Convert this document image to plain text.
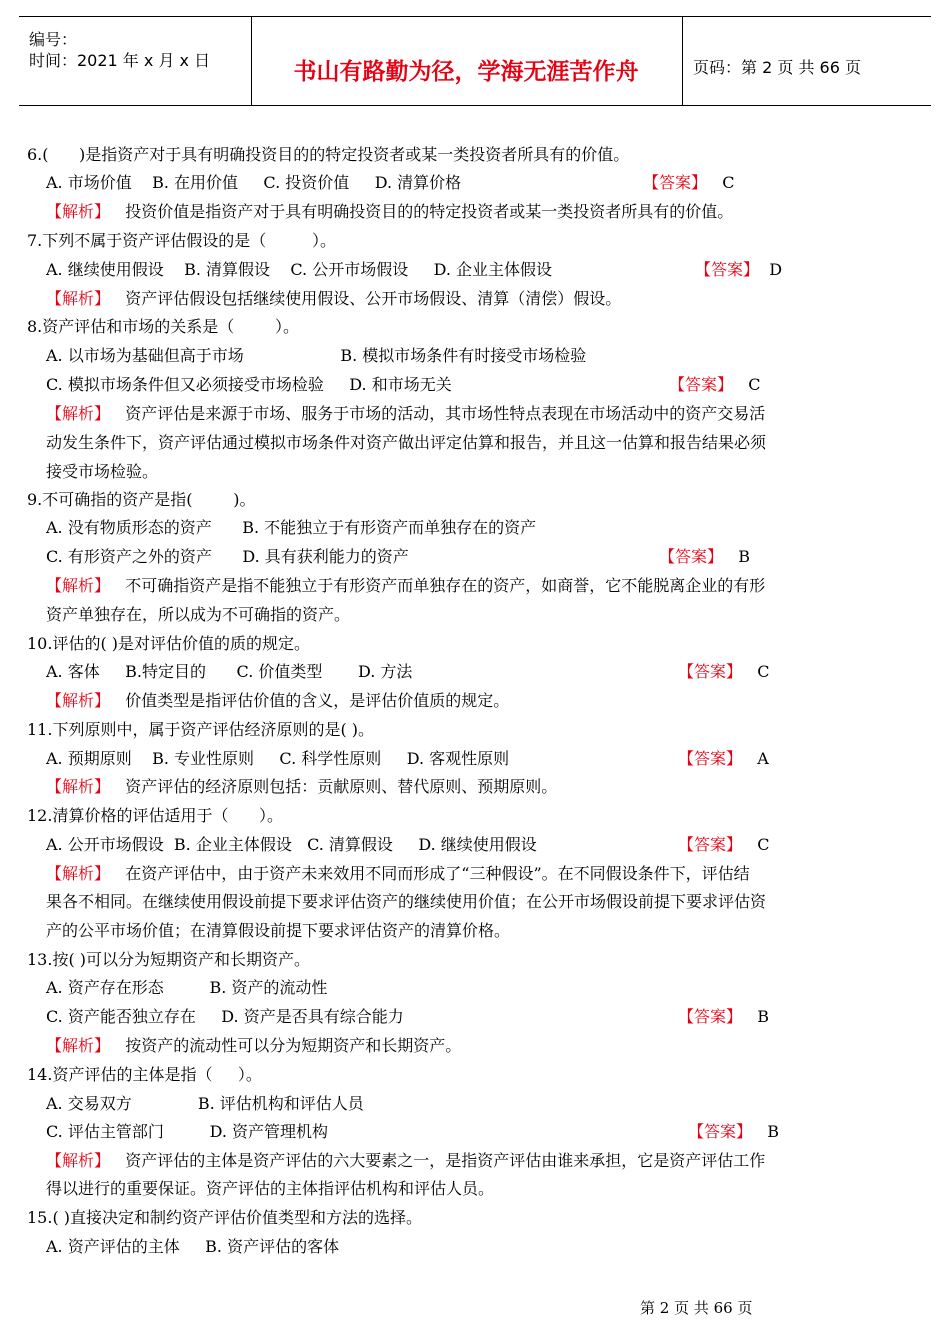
编号：
时间：2021 年 x 月 x 日	书山有路勤为径，学海无涯苦作舟	页码：第 2 页 共 66 页
6.(      )是指资产对于具有明确投资目的的特定投资者或某一类投资者所具有的价值。
A. 市场价值    B. 在用价值     C. 投资价值     D. 清算价格	【答案】 C
【解析】 投资价值是指资产对于具有明确投资目的的特定投资者或某一类投资者所具有的价值。
7.下列不属于资产评估假设的是（         ）。
A. 继续使用假设    B. 清算假设    C. 公开市场假设     D. 企业主体假设	【答案】 D
【解析】 资产评估假设包括继续使用假设、公开市场假设、清算（清偿）假设。
8.资产评估和市场的关系是（        ）。
A. 以市场为基础但高于市场                   B. 模拟市场条件有时接受市场检验
C. 模拟市场条件但又必须接受市场检验     D. 和市场无关	【答案】 C
【解析】 资产评估是来源于市场、服务于市场的活动，其市场性特点表现在市场活动中的资产交易活
动发生条件下，资产评估通过模拟市场条件对资产做出评定估算和报告，并且这一估算和报告结果必须
接受市场检验。
9.不可确指的资产是指(        )。
A. 没有物质形态的资产      B. 不能独立于有形资产而单独存在的资产
C. 有形资产之外的资产      D. 具有获利能力的资产	【答案】 B
【解析】 不可确指资产是指不能独立于有形资产而单独存在的资产，如商誉，它不能脱离企业的有形
资产单独存在，所以成为不可确指的资产。
10.评估的( )是对评估价值的质的规定。
A. 客体     B.特定目的      C. 价值类型       D. 方法	【答案】 C
【解析】 价值类型是指评估价值的含义，是评估价值质的规定。
11.下列原则中，属于资产评估经济原则的是( )。
A. 预期原则    B. 专业性原则     C. 科学性原则     D. 客观性原则	【答案】 A
【解析】 资产评估的经济原则包括：贡献原则、替代原则、预期原则。
12.清算价格的评估适用于（      ）。
A. 公开市场假设  B. 企业主体假设   C. 清算假设     D. 继续使用假设	【答案】 C
【解析】 在资产评估中，由于资产未来效用不同而形成了“三种假设”。在不同假设条件下，评估结
果各不相同。在继续使用假设前提下要求评估资产的继续使用价值；在公开市场假设前提下要求评估资
产的公平市场价值；在清算假设前提下要求评估资产的清算价格。
13.按( )可以分为短期资产和长期资产。
A. 资产存在形态         B. 资产的流动性
C. 资产能否独立存在     D. 资产是否具有综合能力	【答案】 B
【解析】 按资产的流动性可以分为短期资产和长期资产。
14.资产评估的主体是指（     ）。
A. 交易双方             B. 评估机构和评估人员
C. 评估主管部门         D. 资产管理机构	【答案】 B
【解析】 资产评估的主体是资产评估的六大要素之一，是指资产评估由谁来承担，它是资产评估工作
得以进行的重要保证。资产评估的主体指评估机构和评估人员。
15.( )直接决定和制约资产评估价值类型和方法的选择。
A. 资产评估的主体     B. 资产评估的客体
第 2 页 共 66 页
